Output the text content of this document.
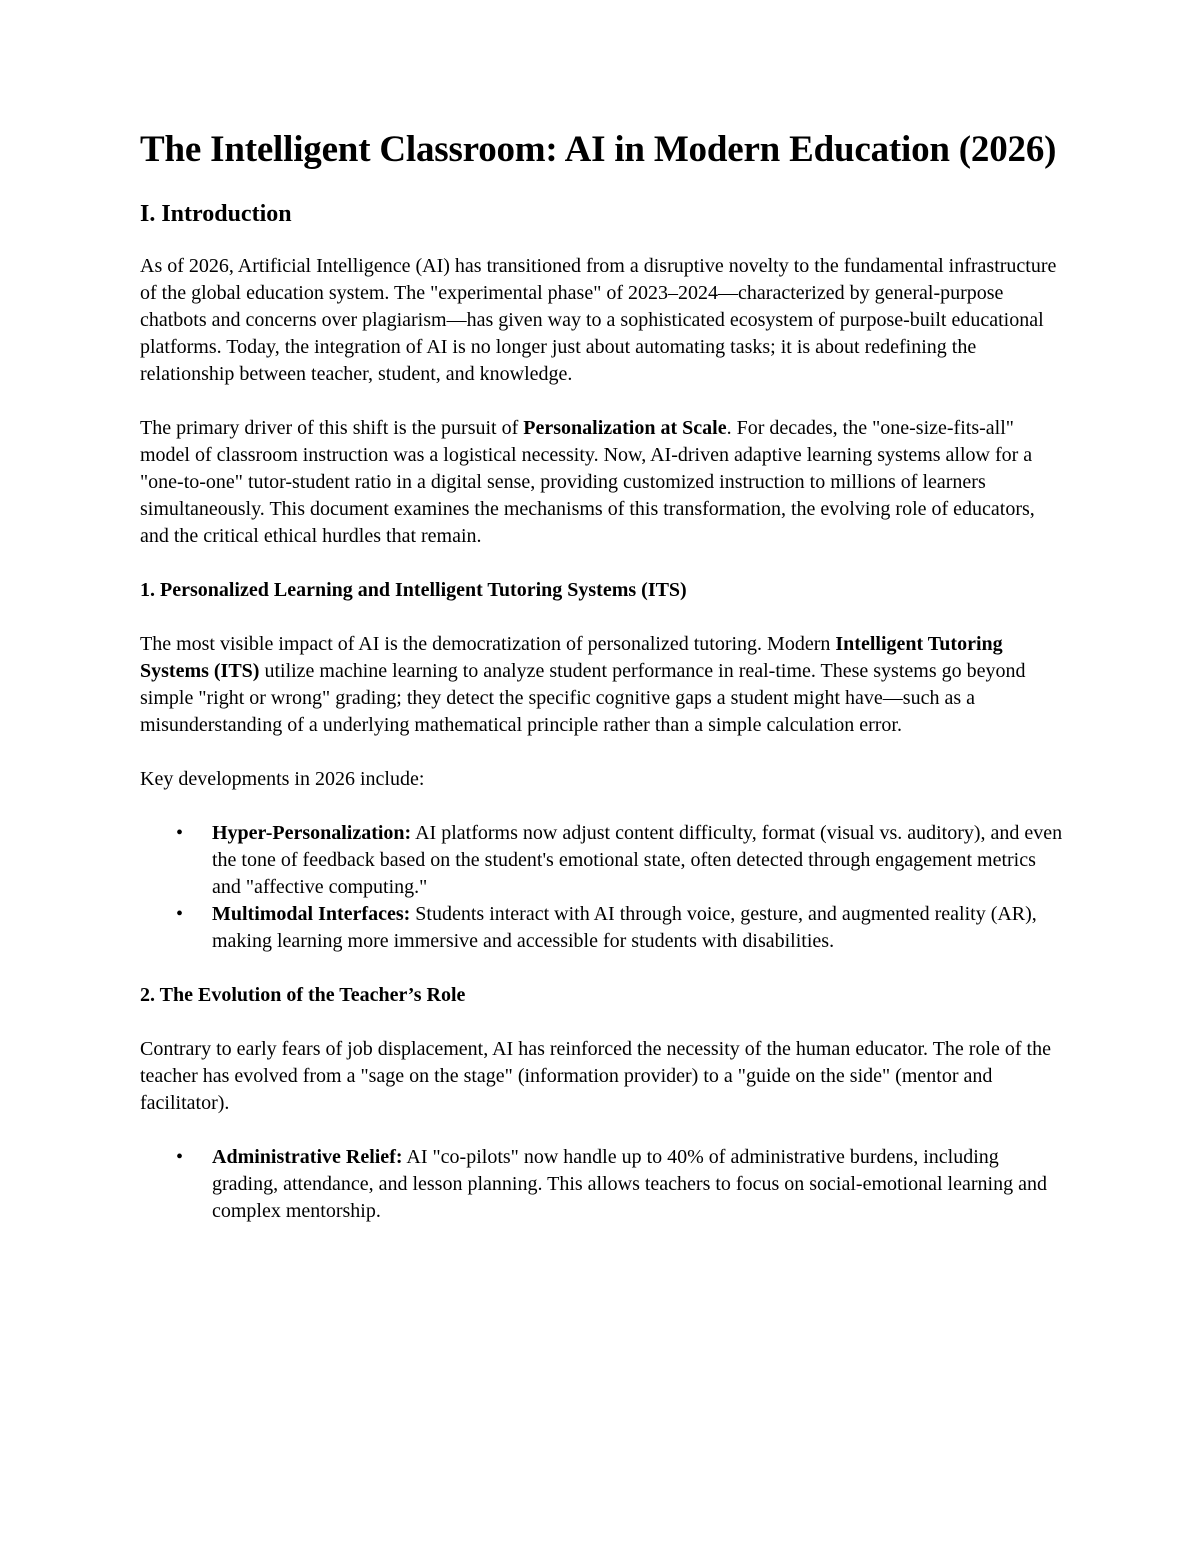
The Intelligent Classroom: AI in Modern Education (2026)
I. Introduction

As of 2026, Artificial Intelligence (AI) has transitioned from a disruptive novelty to the fundamental infrastructure of the global education system. The "experimental phase" of 2023–2024—characterized by general-purpose chatbots and concerns over plagiarism—has given way to a sophisticated ecosystem of purpose-built educational platforms. Today, the integration of AI is no longer just about automating tasks; it is about redefining the relationship between teacher, student, and knowledge.

The primary driver of this shift is the pursuit of Personalization at Scale. For decades, the "one-size-fits-all" model of classroom instruction was a logistical necessity. Now, AI-driven adaptive learning systems allow for a "one-to-one" tutor-student ratio in a digital sense, providing customized instruction to millions of learners simultaneously. This document examines the mechanisms of this transformation, the evolving role of educators, and the critical ethical hurdles that remain.

1. Personalized Learning and Intelligent Tutoring Systems (ITS)

The most visible impact of AI is the democratization of personalized tutoring. Modern Intelligent Tutoring Systems (ITS) utilize machine learning to analyze student performance in real-time. These systems go beyond simple "right or wrong" grading; they detect the specific cognitive gaps a student might have—such as a misunderstanding of a underlying mathematical principle rather than a simple calculation error.

Key developments in 2026 include:

• Hyper-Personalization: AI platforms now adjust content difficulty, format (visual vs. auditory), and even the tone of feedback based on the student's emotional state, often detected through engagement metrics and "affective computing."
• Multimodal Interfaces: Students interact with AI through voice, gesture, and augmented reality (AR), making learning more immersive and accessible for students with disabilities.
2. The Evolution of the Teacher’s Role

Contrary to early fears of job displacement, AI has reinforced the necessity of the human educator. The role of the teacher has evolved from a "sage on the stage" (information provider) to a "guide on the side" (mentor and facilitator).

• Administrative Relief: AI "co-pilots" now handle up to 40% of administrative burdens, including grading, attendance, and lesson planning. This allows teachers to focus on social-emotional learning and complex mentorship.
